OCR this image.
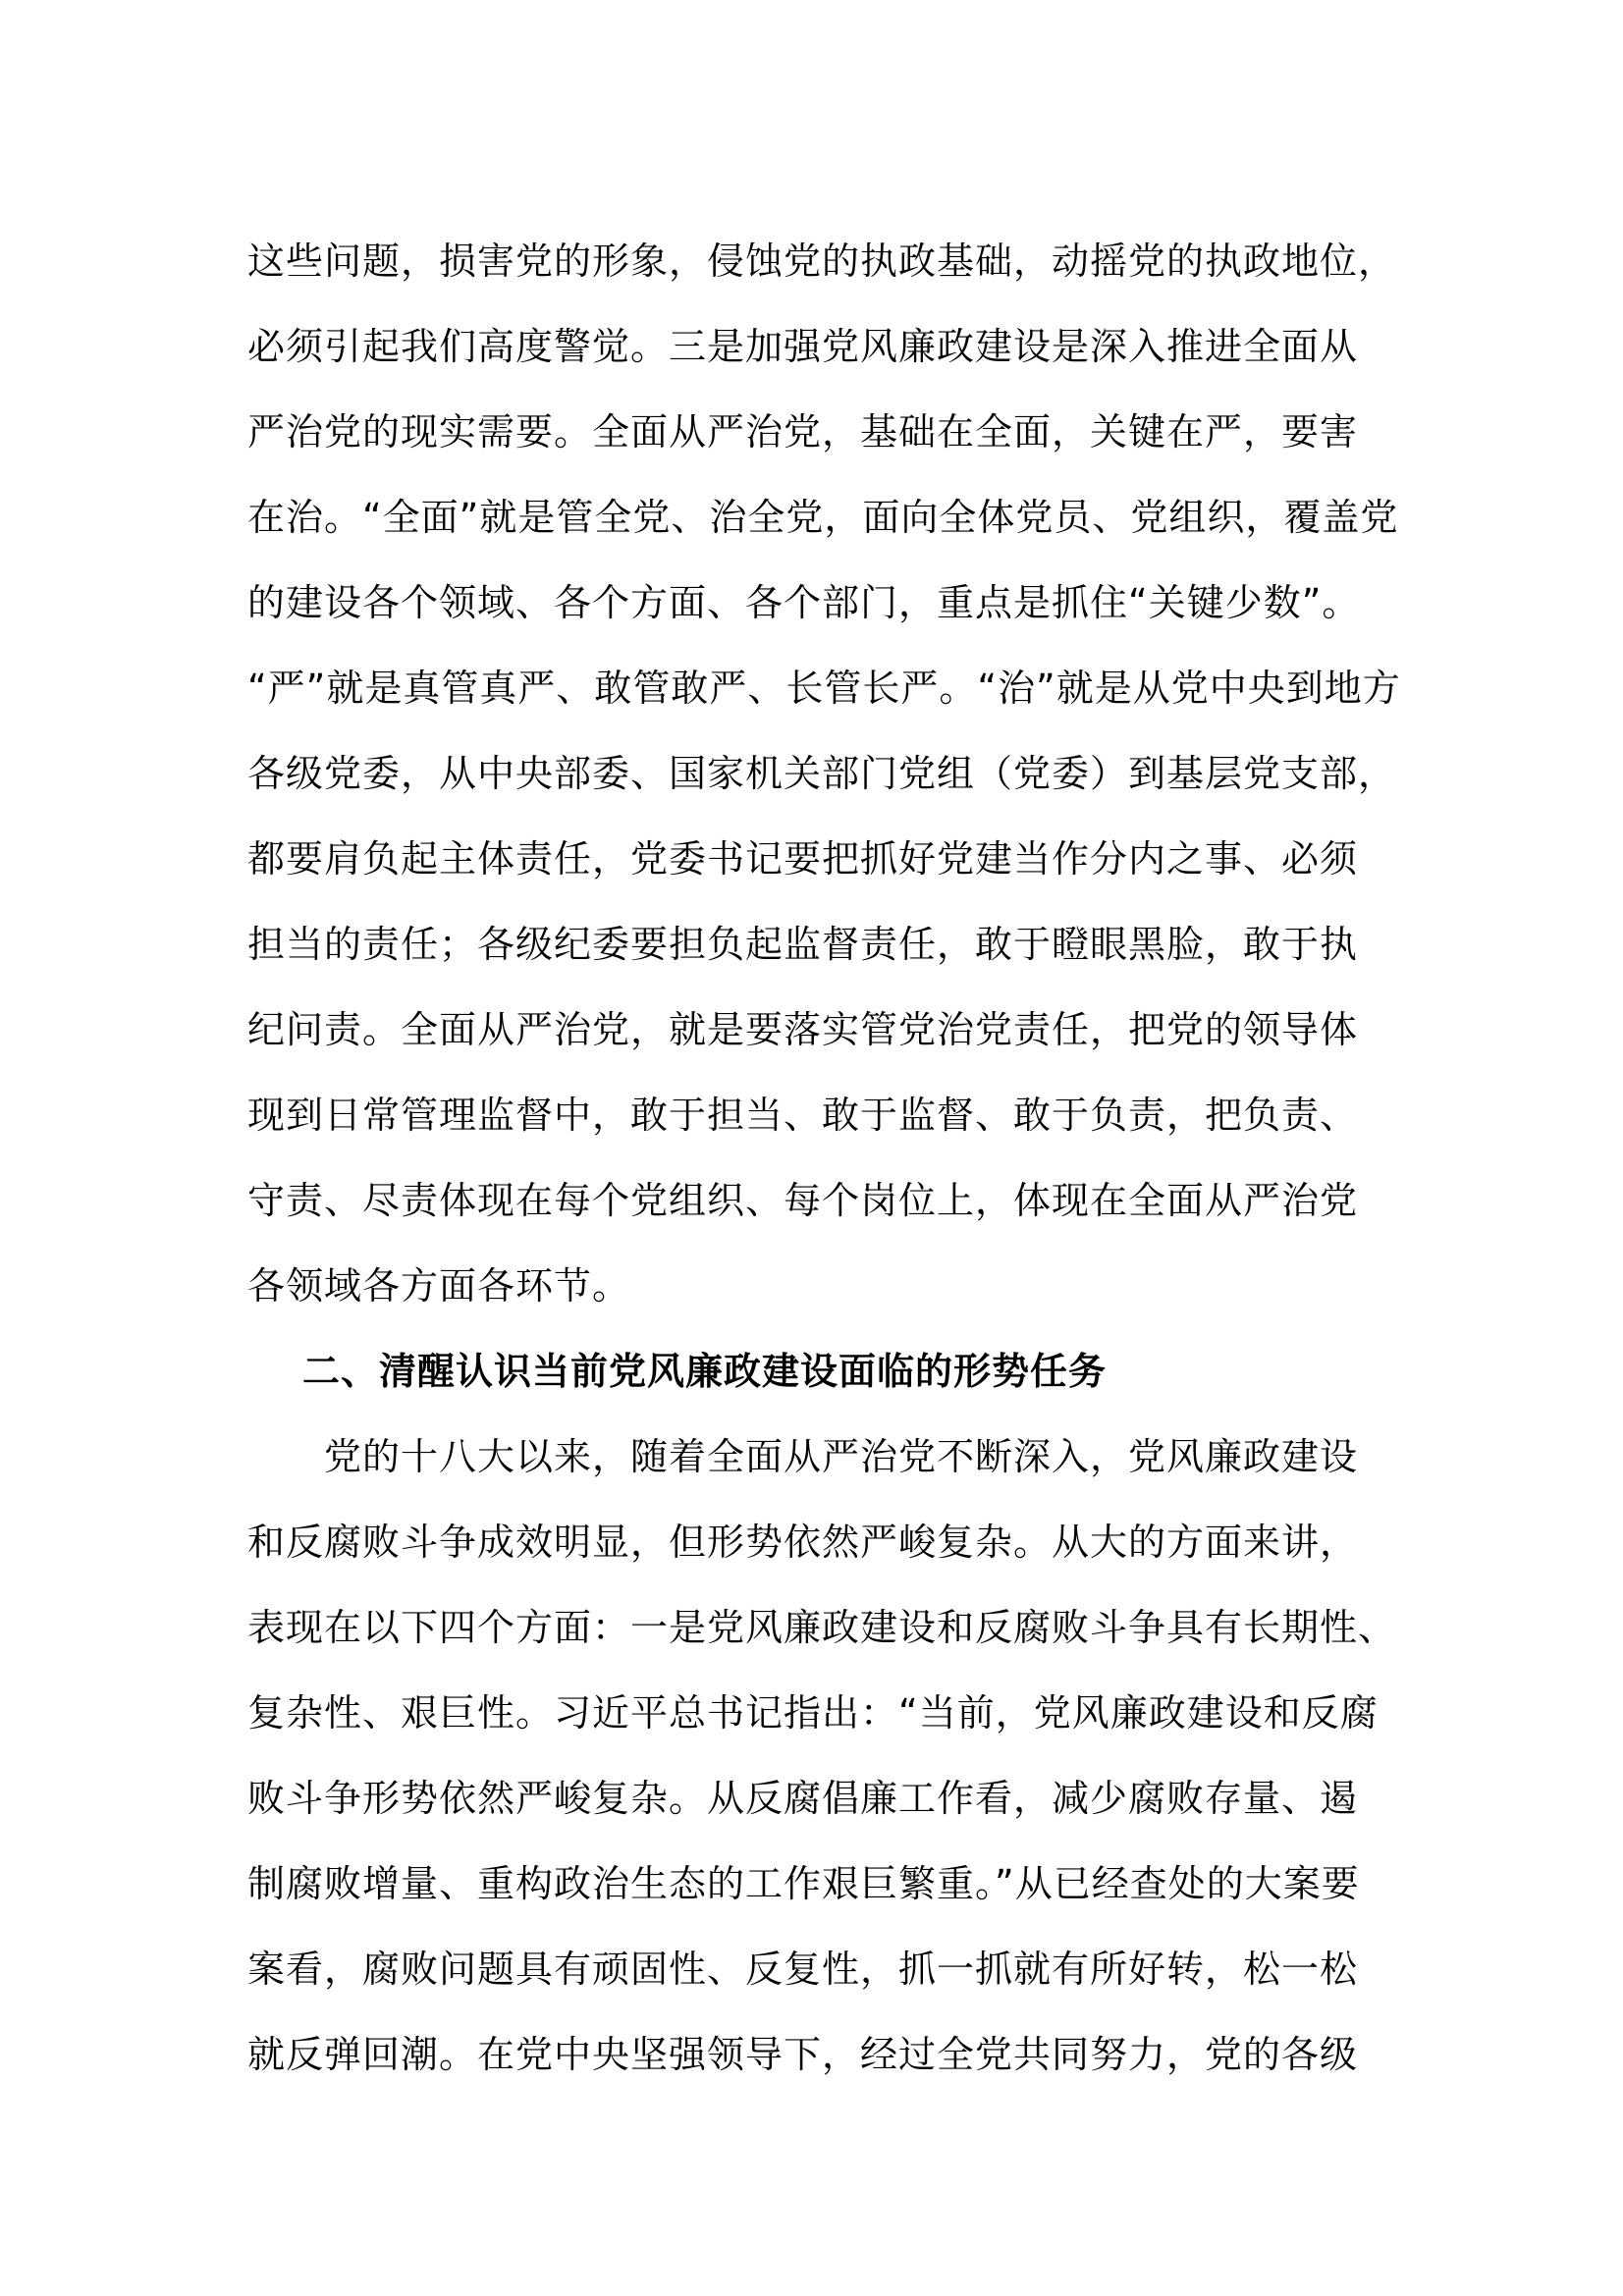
这些问题，损害党的形象，侵蚀党的执政基础，动摇党的执政地位，
必须引起我们高度警觉。三是加强党风廉政建设是深入推进全面从
严治党的现实需要。全面从严治党，基础在全面，关键在严，要害
在治。“全面”就是管全党、治全党，面向全体党员、党组织，覆盖党
的建设各个领域、各个方面、各个部门，重点是抓住“关键少数”。
“严”就是真管真严、敢管敢严、长管长严。“治”就是从党中央到地方
各级党委，从中央部委、国家机关部门党组（党委）到基层党支部，
都要肩负起主体责任，党委书记要把抓好党建当作分内之事、必须
担当的责任；各级纪委要担负起监督责任，敢于瞪眼黑脸，敢于执
纪问责。全面从严治党，就是要落实管党治党责任，把党的领导体
现到日常管理监督中，敢于担当、敢于监督、敢于负责，把负责、
守责、尽责体现在每个党组织、每个岗位上，体现在全面从严治党
各领域各方面各环节。
二、清醒认识当前党风廉政建设面临的形势任务
党的十八大以来，随着全面从严治党不断深入，党风廉政建设
和反腐败斗争成效明显，但形势依然严峻复杂。从大的方面来讲，
表现在以下四个方面：一是党风廉政建设和反腐败斗争具有长期性、
复杂性、艰巨性。习近平总书记指出：“当前，党风廉政建设和反腐
败斗争形势依然严峻复杂。从反腐倡廉工作看，减少腐败存量、遏
制腐败增量、重构政治生态的工作艰巨繁重。”从已经查处的大案要
案看，腐败问题具有顽固性、反复性，抓一抓就有所好转，松一松
就反弹回潮。在党中央坚强领导下，经过全党共同努力，党的各级
